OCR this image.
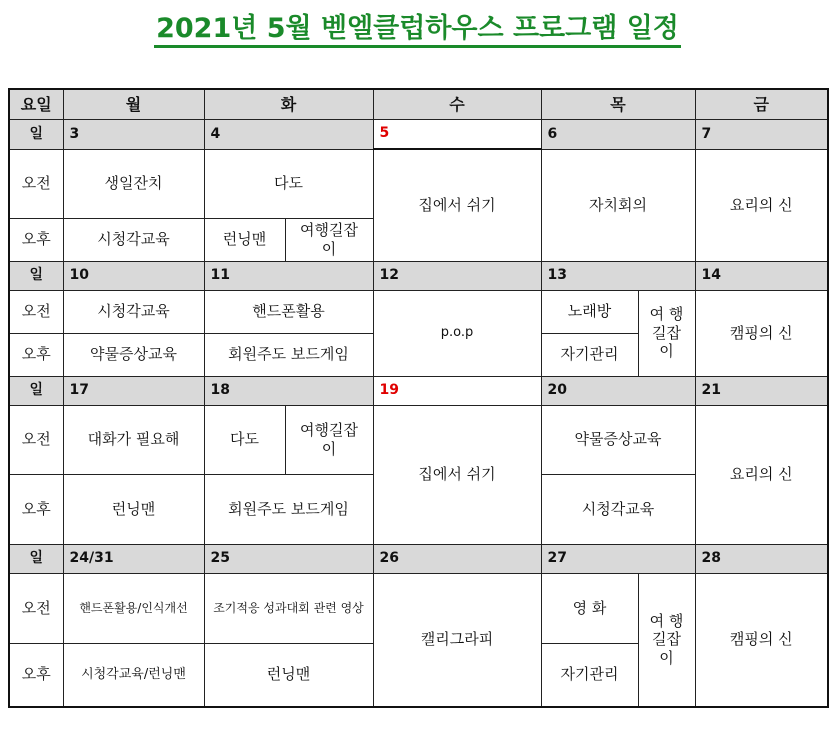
2021년 5월 벧엘클럽하우스 프로그램 일정
요일	월	화		수	목		금
일	3	4		5	6		7
오전	생일잔치	다도		집에서 쉬기	자치회의		요리의 신
오후	시청각교육	런닝맨	여행길잡이				
일	10	11		12	13		14
오전	시청각교육	핸드폰활용		p.o.p	노래방	여 행 길잡이	캠핑의 신
오후	약물증상교육	회원주도 보드게임			자기관리		
일	17	18		19	20		21
오전	대화가 필요해	다도	여행길잡이	집에서 쉬기	약물증상교육		요리의 신
오후	런닝맨	회원주도 보드게임			시청각교육		
일	24/31	25		26	27		28
오전	핸드폰활용/인식개선	조기적응 성과대회 관련 영상		캘리그라피	영 화	여 행 길잡이	캠핑의 신
오후	시청각교육/런닝맨	런닝맨			자기관리		
